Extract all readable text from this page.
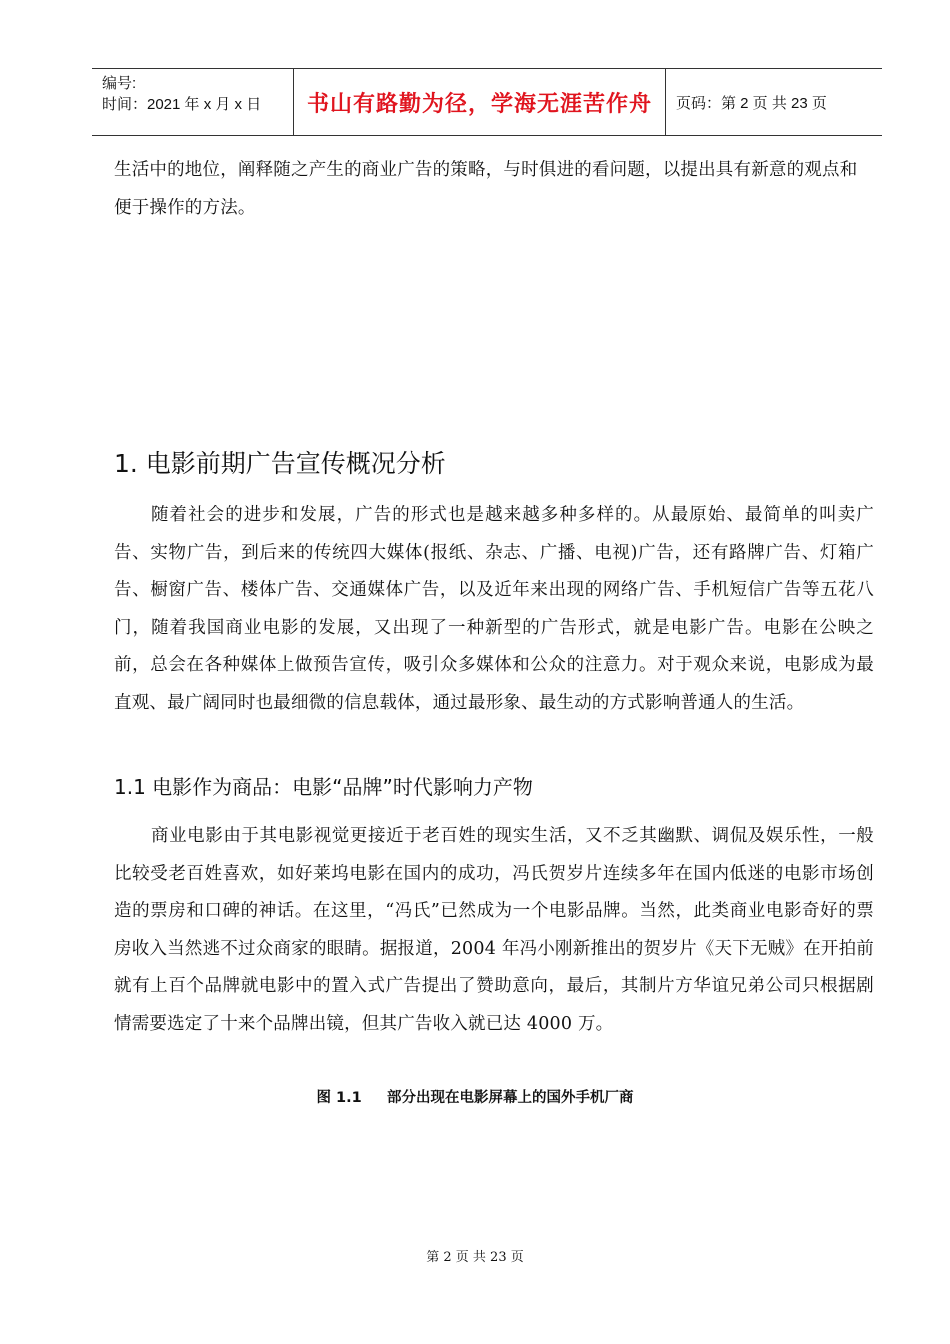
编号:
时间：2021 年 x 月 x 日	书山有路勤为径，学海无涯苦作舟	页码：第 2 页 共 23 页

生活中的地位，阐释随之产生的商业广告的策略，与时俱进的看问题，以提出具有新意的观点和便于操作的方法。

1. 电影前期广告宣传概况分析

随着社会的进步和发展，广告的形式也是越来越多种多样的。从最原始、最简单的叫卖广告、实物广告，到后来的传统四大媒体(报纸、杂志、广播、电视)广告，还有路牌广告、灯箱广告、橱窗广告、楼体广告、交通媒体广告，以及近年来出现的网络广告、手机短信广告等五花八门，随着我国商业电影的发展，又出现了一种新型的广告形式，就是电影广告。电影在公映之前，总会在各种媒体上做预告宣传，吸引众多媒体和公众的注意力。对于观众来说，电影成为最直观、最广阔同时也最细微的信息载体，通过最形象、最生动的方式影响普通人的生活。

1.1 电影作为商品：电影“品牌”时代影响力产物

商业电影由于其电影视觉更接近于老百姓的现实生活，又不乏其幽默、调侃及娱乐性，一般比较受老百姓喜欢，如好莱坞电影在国内的成功，冯氏贺岁片连续多年在国内低迷的电影市场创造的票房和口碑的神话。在这里，“冯氏”已然成为一个电影品牌。当然，此类商业电影奇好的票房收入当然逃不过众商家的眼睛。据报道，2004 年冯小刚新推出的贺岁片《天下无贼》在开拍前就有上百个品牌就电影中的置入式广告提出了赞助意向，最后，其制片方华谊兄弟公司只根据剧情需要选定了十来个品牌出镜，但其广告收入就已达 4000 万。

图 1.1     部分出现在电影屏幕上的国外手机厂商

第 2 页 共 23 页
